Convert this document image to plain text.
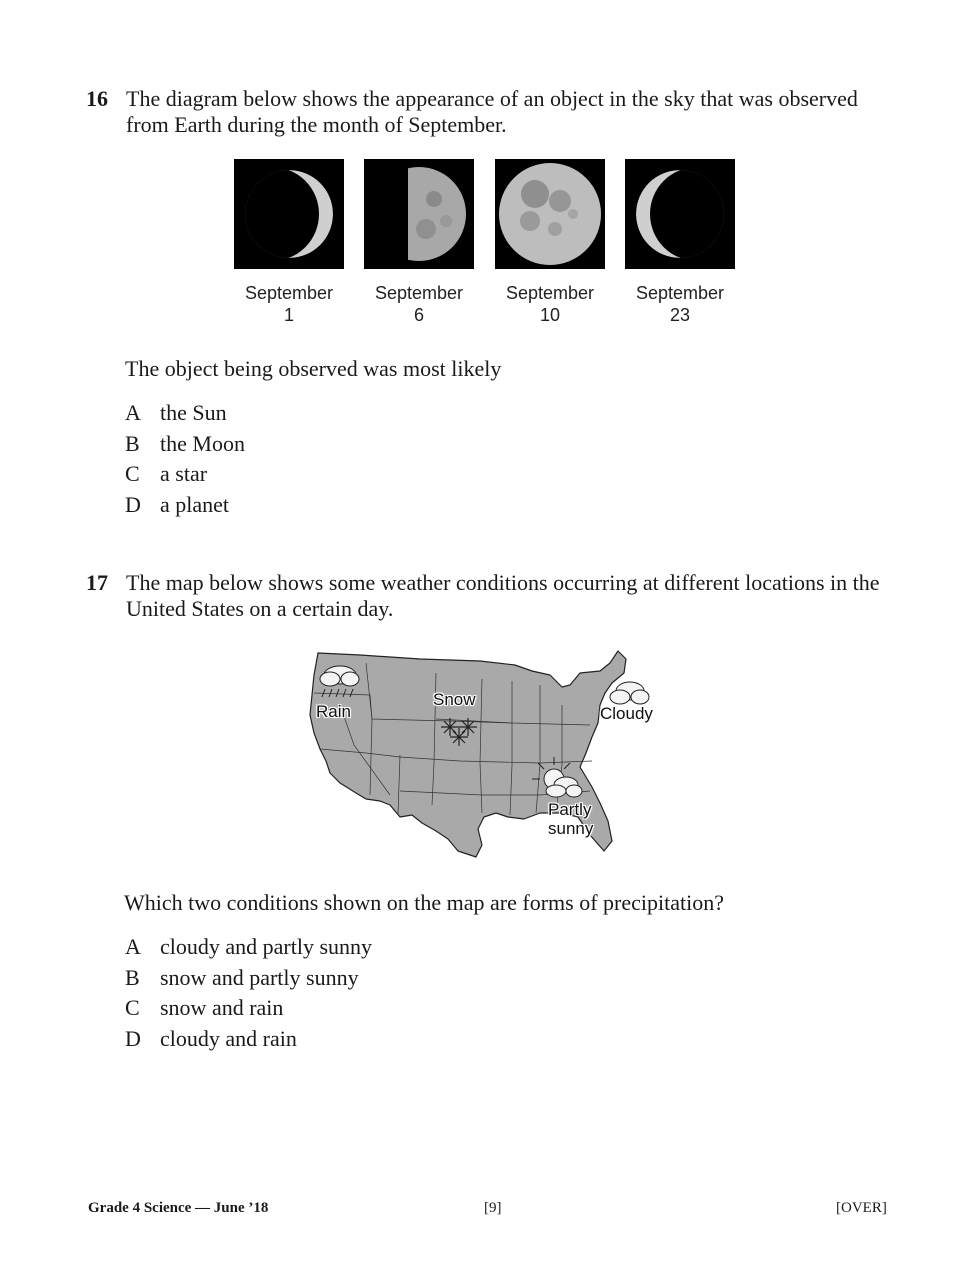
16 The diagram below shows the appearance of an object in the sky that was observed from Earth during the month of September.
September
1
September
6
September
10
September
23
The object being observed was most likely
A the Sun
B the Moon
C a star
D a planet
17 The map below shows some weather conditions occurring at different locations in the United States on a certain day.
Rain
Snow
Cloudy
Partly
sunny
Which two conditions shown on the map are forms of precipitation?
A cloudy and partly sunny
B snow and partly sunny
C snow and rain
D cloudy and rain
Grade 4 Science — June ’18	[9]	[OVER]
